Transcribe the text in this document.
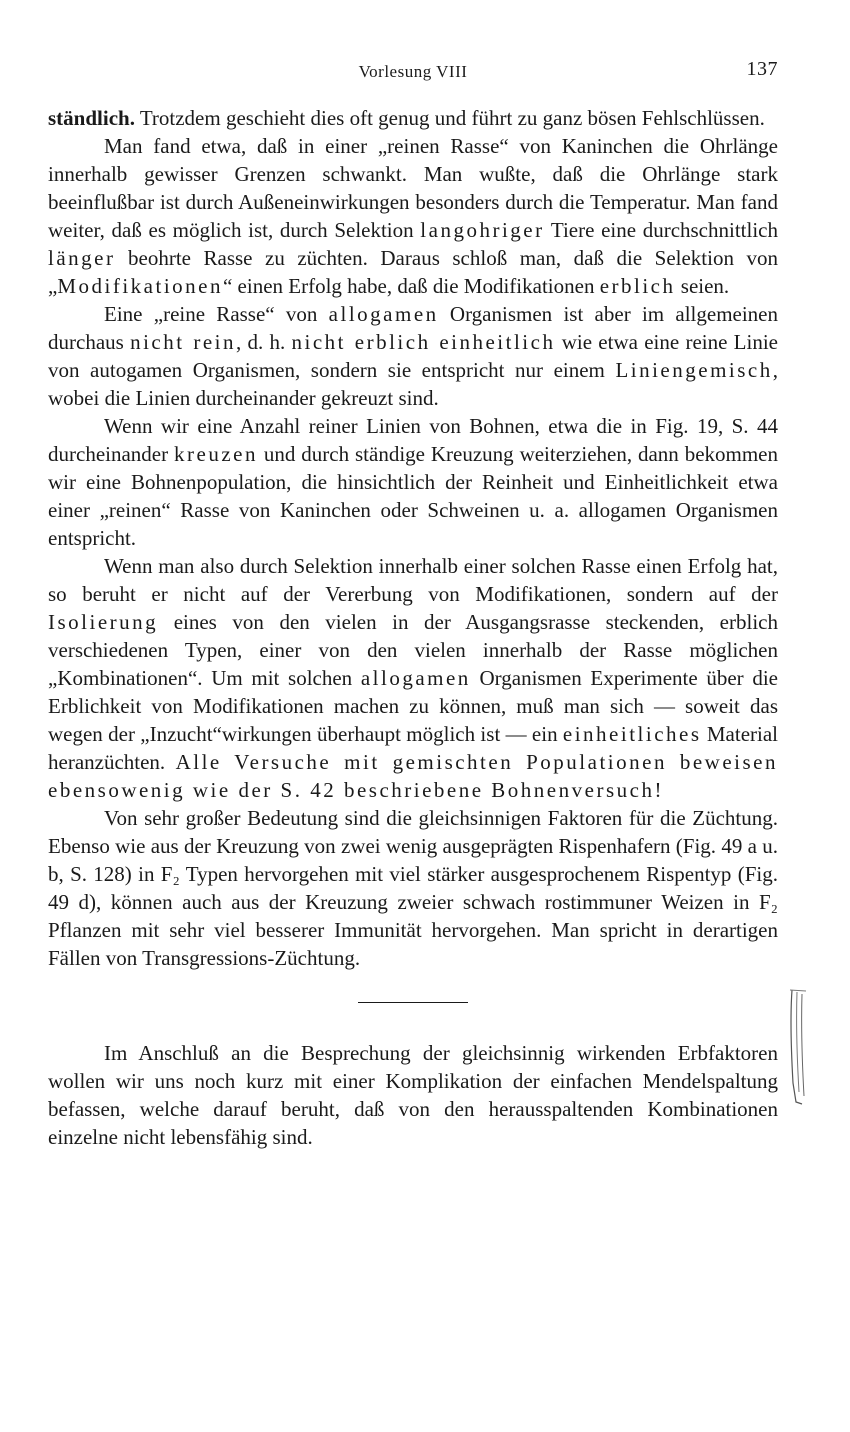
Vorlesung VIII	137

ständlich. Trotzdem geschieht dies oft genug und führt zu ganz bösen Fehlschlüssen.

Man fand etwa, daß in einer „reinen Rasse“ von Kaninchen die Ohrlänge innerhalb gewisser Grenzen schwankt. Man wußte, daß die Ohrlänge stark beeinflußbar ist durch Außeneinwirkungen besonders durch die Temperatur. Man fand weiter, daß es möglich ist, durch Selektion langohriger Tiere eine durchschnittlich länger beohrte Rasse zu züchten. Daraus schloß man, daß die Selektion von „Modifikationen“ einen Erfolg habe, daß die Modifikationen erblich seien.

Eine „reine Rasse“ von allogamen Organismen ist aber im allgemeinen durchaus nicht rein, d. h. nicht erblich einheitlich wie etwa eine reine Linie von autogamen Organismen, sondern sie entspricht nur einem Liniengemisch, wobei die Linien durcheinander gekreuzt sind.

Wenn wir eine Anzahl reiner Linien von Bohnen, etwa die in Fig. 19, S. 44 durcheinander kreuzen und durch ständige Kreuzung weiterziehen, dann bekommen wir eine Bohnenpopulation, die hinsichtlich der Reinheit und Einheitlichkeit etwa einer „reinen“ Rasse von Kaninchen oder Schweinen u. a. allogamen Organismen entspricht.

Wenn man also durch Selektion innerhalb einer solchen Rasse einen Erfolg hat, so beruht er nicht auf der Vererbung von Modifikationen, sondern auf der Isolierung eines von den vielen in der Ausgangsrasse steckenden, erblich verschiedenen Typen, einer von den vielen innerhalb der Rasse möglichen „Kombinationen“. Um mit solchen allogamen Organismen Experimente über die Erblichkeit von Modifikationen machen zu können, muß man sich — soweit das wegen der „Inzucht“wirkungen überhaupt möglich ist — ein einheitliches Material heranzüchten. Alle Versuche mit gemischten Populationen beweisen ebensowenig wie der S. 42 beschriebene Bohnenversuch!

Von sehr großer Bedeutung sind die gleichsinnigen Faktoren für die Züchtung. Ebenso wie aus der Kreuzung von zwei wenig ausgeprägten Rispenhafern (Fig. 49 a u. b, S. 128) in F₂ Typen hervorgehen mit viel stärker ausgesprochenem Rispentyp (Fig. 49 d), können auch aus der Kreuzung zweier schwach rostimmuner Weizen in F₂ Pflanzen mit sehr viel besserer Immunität hervorgehen. Man spricht in derartigen Fällen von Transgressions-Züchtung.

Im Anschluß an die Besprechung der gleichsinnig wirkenden Erbfaktoren wollen wir uns noch kurz mit einer Komplikation der einfachen Mendelspaltung befassen, welche darauf beruht, daß von den herausspaltenden Kombinationen einzelne nicht lebensfähig sind.
